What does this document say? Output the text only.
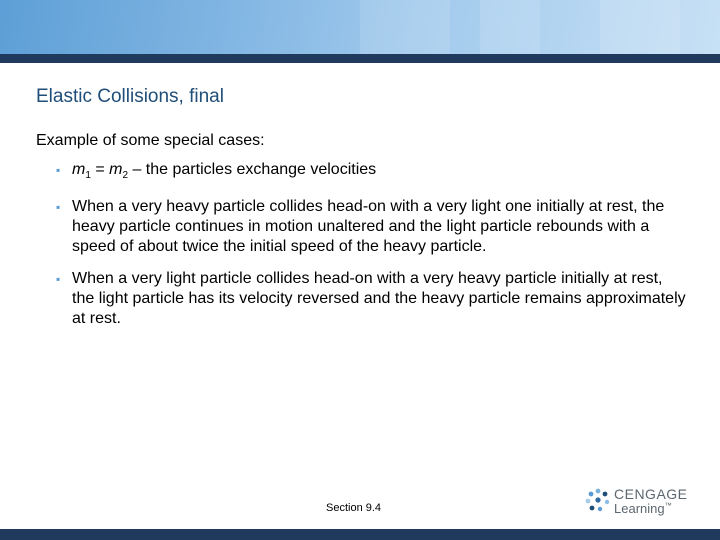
Elastic Collisions, final

Example of some special cases:

▪ $m_1 = m_2$ – the particles exchange velocities
▪ When a very heavy particle collides head-on with a very light one initially at rest, the heavy particle continues in motion unaltered and the light particle rebounds with a speed of about twice the initial speed of the heavy particle.
▪ When a very light particle collides head-on with a very heavy particle initially at rest, the light particle has its velocity reversed and the heavy particle remains approximately at rest.
Section 9.4
CENGAGE
Learning™
